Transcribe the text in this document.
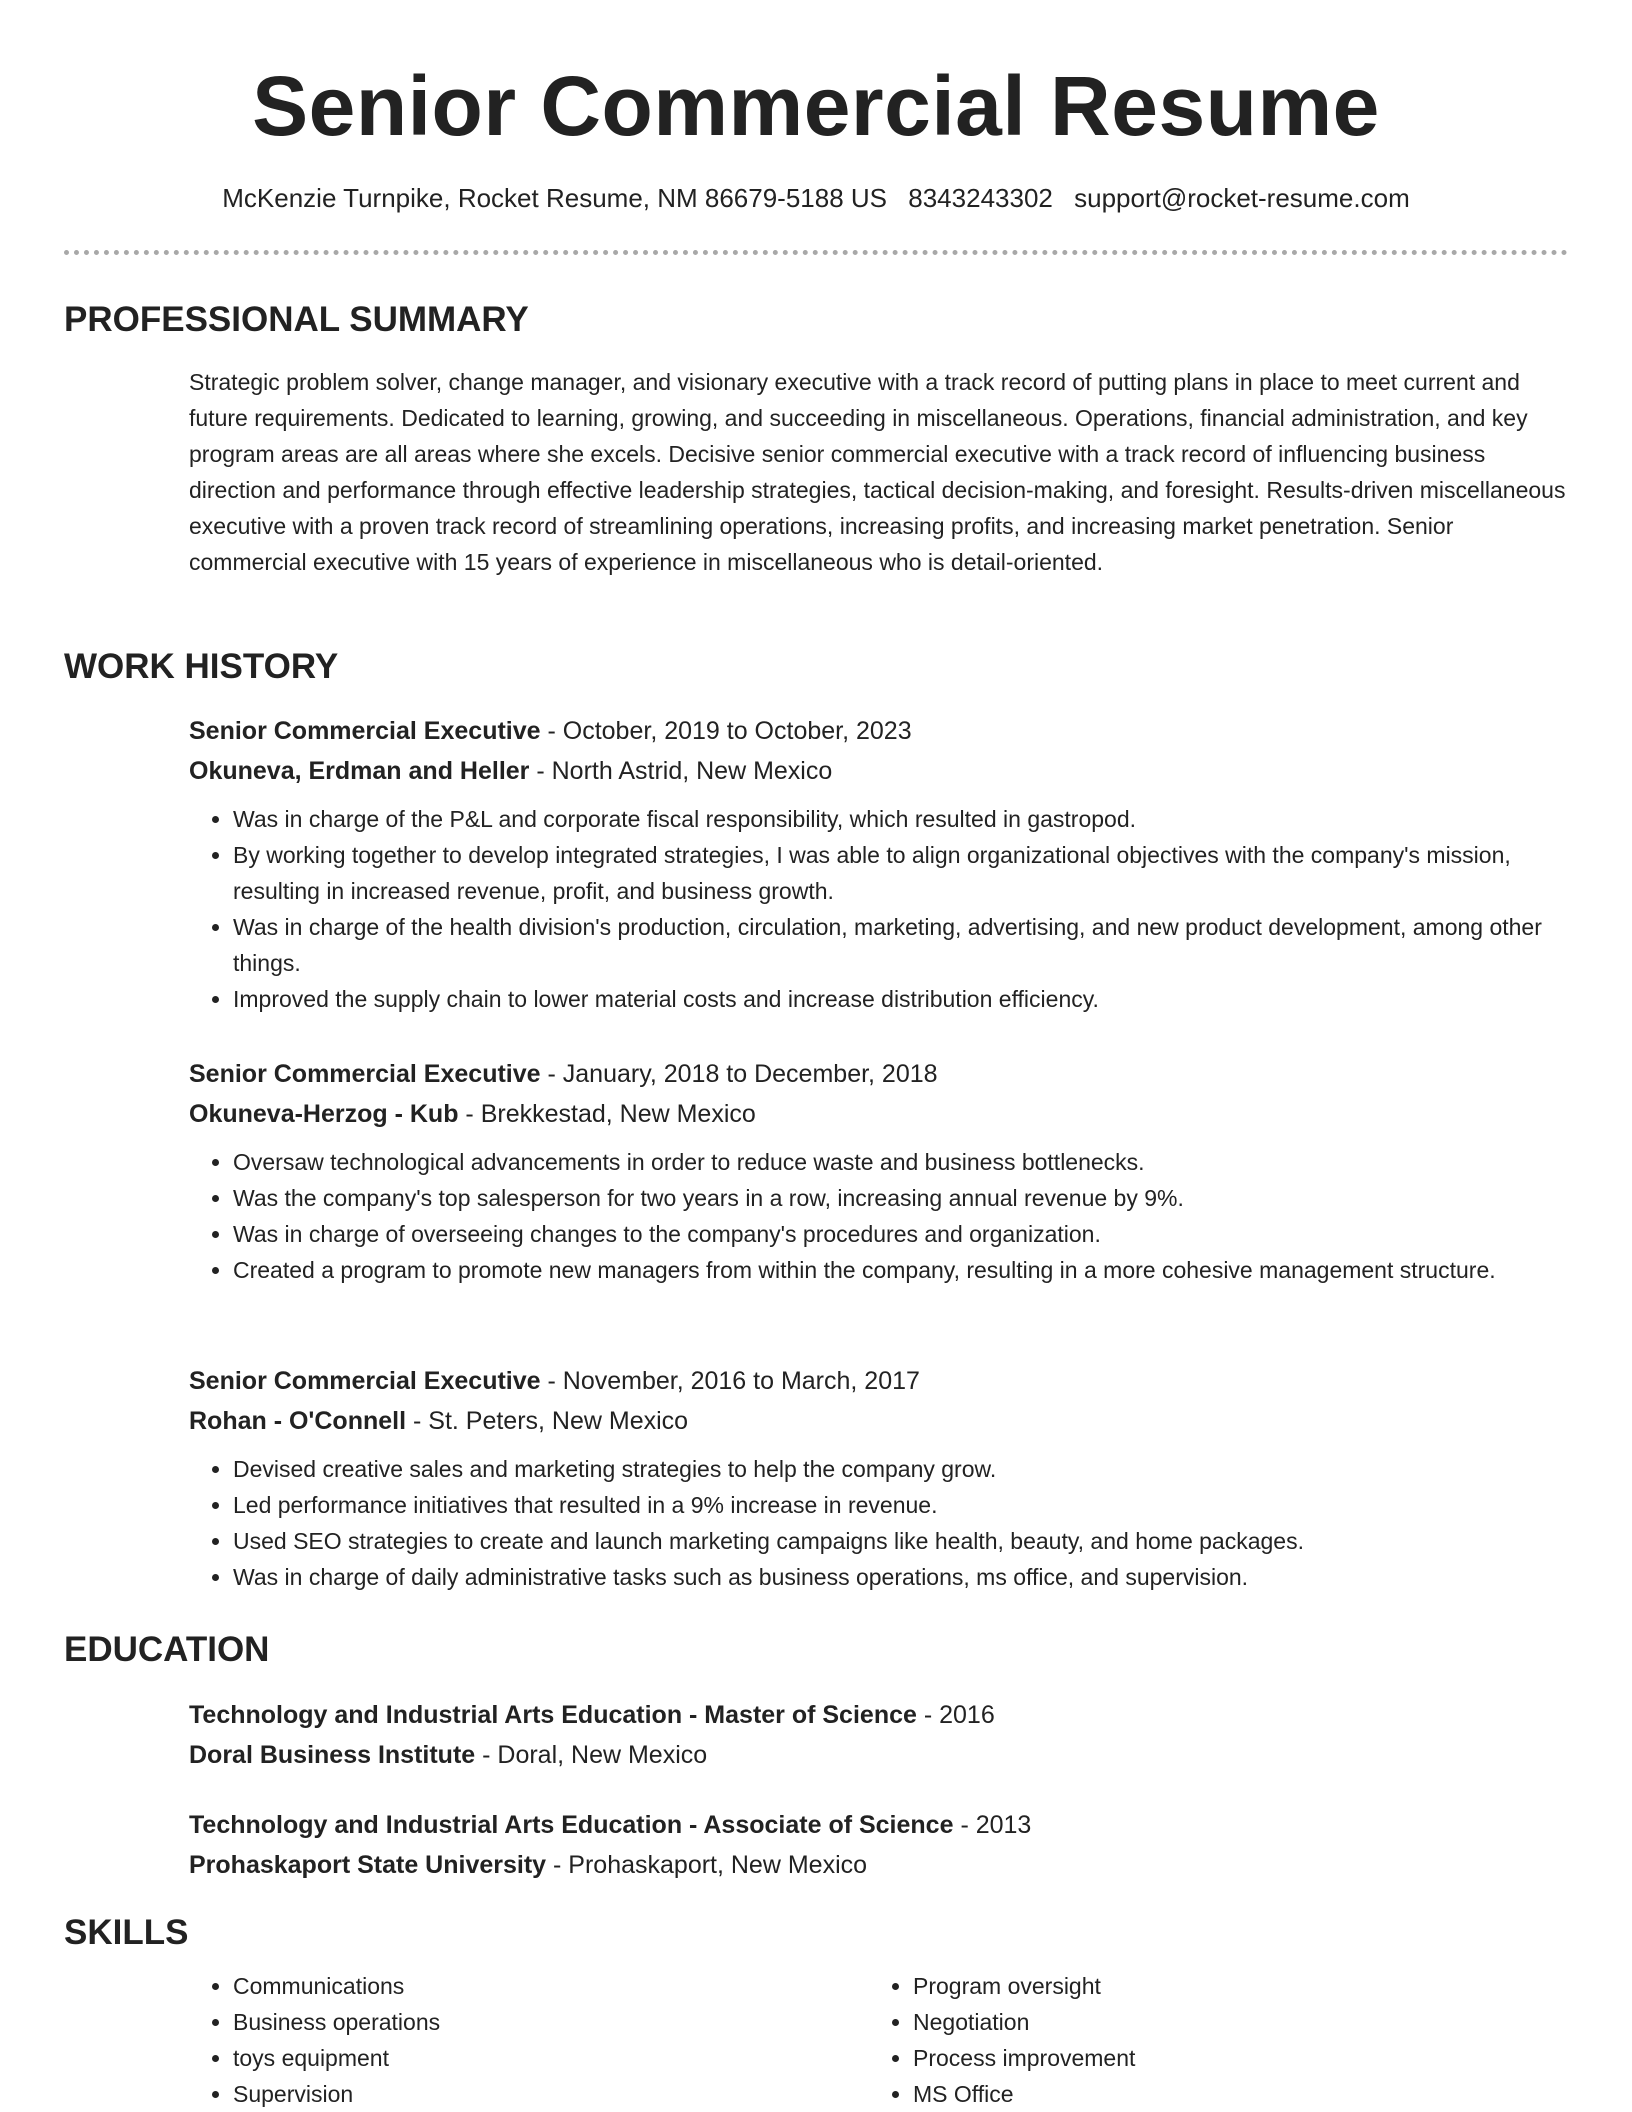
Senior Commercial Resume
McKenzie Turnpike, Rocket Resume, NM 86679-5188 US 8343243302 support@rocket-resume.com
PROFESSIONAL SUMMARY

Strategic problem solver, change manager, and visionary executive with a track record of putting plans in place to meet current and future requirements. Dedicated to learning, growing, and succeeding in miscellaneous. Operations, financial administration, and key program areas are all areas where she excels. Decisive senior commercial executive with a track record of influencing business direction and performance through effective leadership strategies, tactical decision-making, and foresight. Results-driven miscellaneous executive with a proven track record of streamlining operations, increasing profits, and increasing market penetration. Senior commercial executive with 15 years of experience in miscellaneous who is detail-oriented.

WORK HISTORY
Senior Commercial Executive - October, 2019 to October, 2023
Okuneva, Erdman and Heller - North Astrid, New Mexico
• Was in charge of the P&L and corporate fiscal responsibility, which resulted in gastropod.
• By working together to develop integrated strategies, I was able to align organizational objectives with the company's mission, resulting in increased revenue, profit, and business growth.
• Was in charge of the health division's production, circulation, marketing, advertising, and new product development, among other things.
• Improved the supply chain to lower material costs and increase distribution efficiency.
Senior Commercial Executive - January, 2018 to December, 2018
Okuneva-Herzog - Kub - Brekkestad, New Mexico
• Oversaw technological advancements in order to reduce waste and business bottlenecks.
• Was the company's top salesperson for two years in a row, increasing annual revenue by 9%.
• Was in charge of overseeing changes to the company's procedures and organization.
• Created a program to promote new managers from within the company, resulting in a more cohesive management structure.
Senior Commercial Executive - November, 2016 to March, 2017
Rohan - O'Connell - St. Peters, New Mexico
• Devised creative sales and marketing strategies to help the company grow.
• Led performance initiatives that resulted in a 9% increase in revenue.
• Used SEO strategies to create and launch marketing campaigns like health, beauty, and home packages.
• Was in charge of daily administrative tasks such as business operations, ms office, and supervision.
EDUCATION
Technology and Industrial Arts Education - Master of Science - 2016
Doral Business Institute - Doral, New Mexico
Technology and Industrial Arts Education - Associate of Science - 2013
Prohaskaport State University - Prohaskaport, New Mexico
SKILLS
• Communications
• Business operations
• toys equipment
• Supervision
• Program oversight
• Negotiation
• Process improvement
• MS Office
